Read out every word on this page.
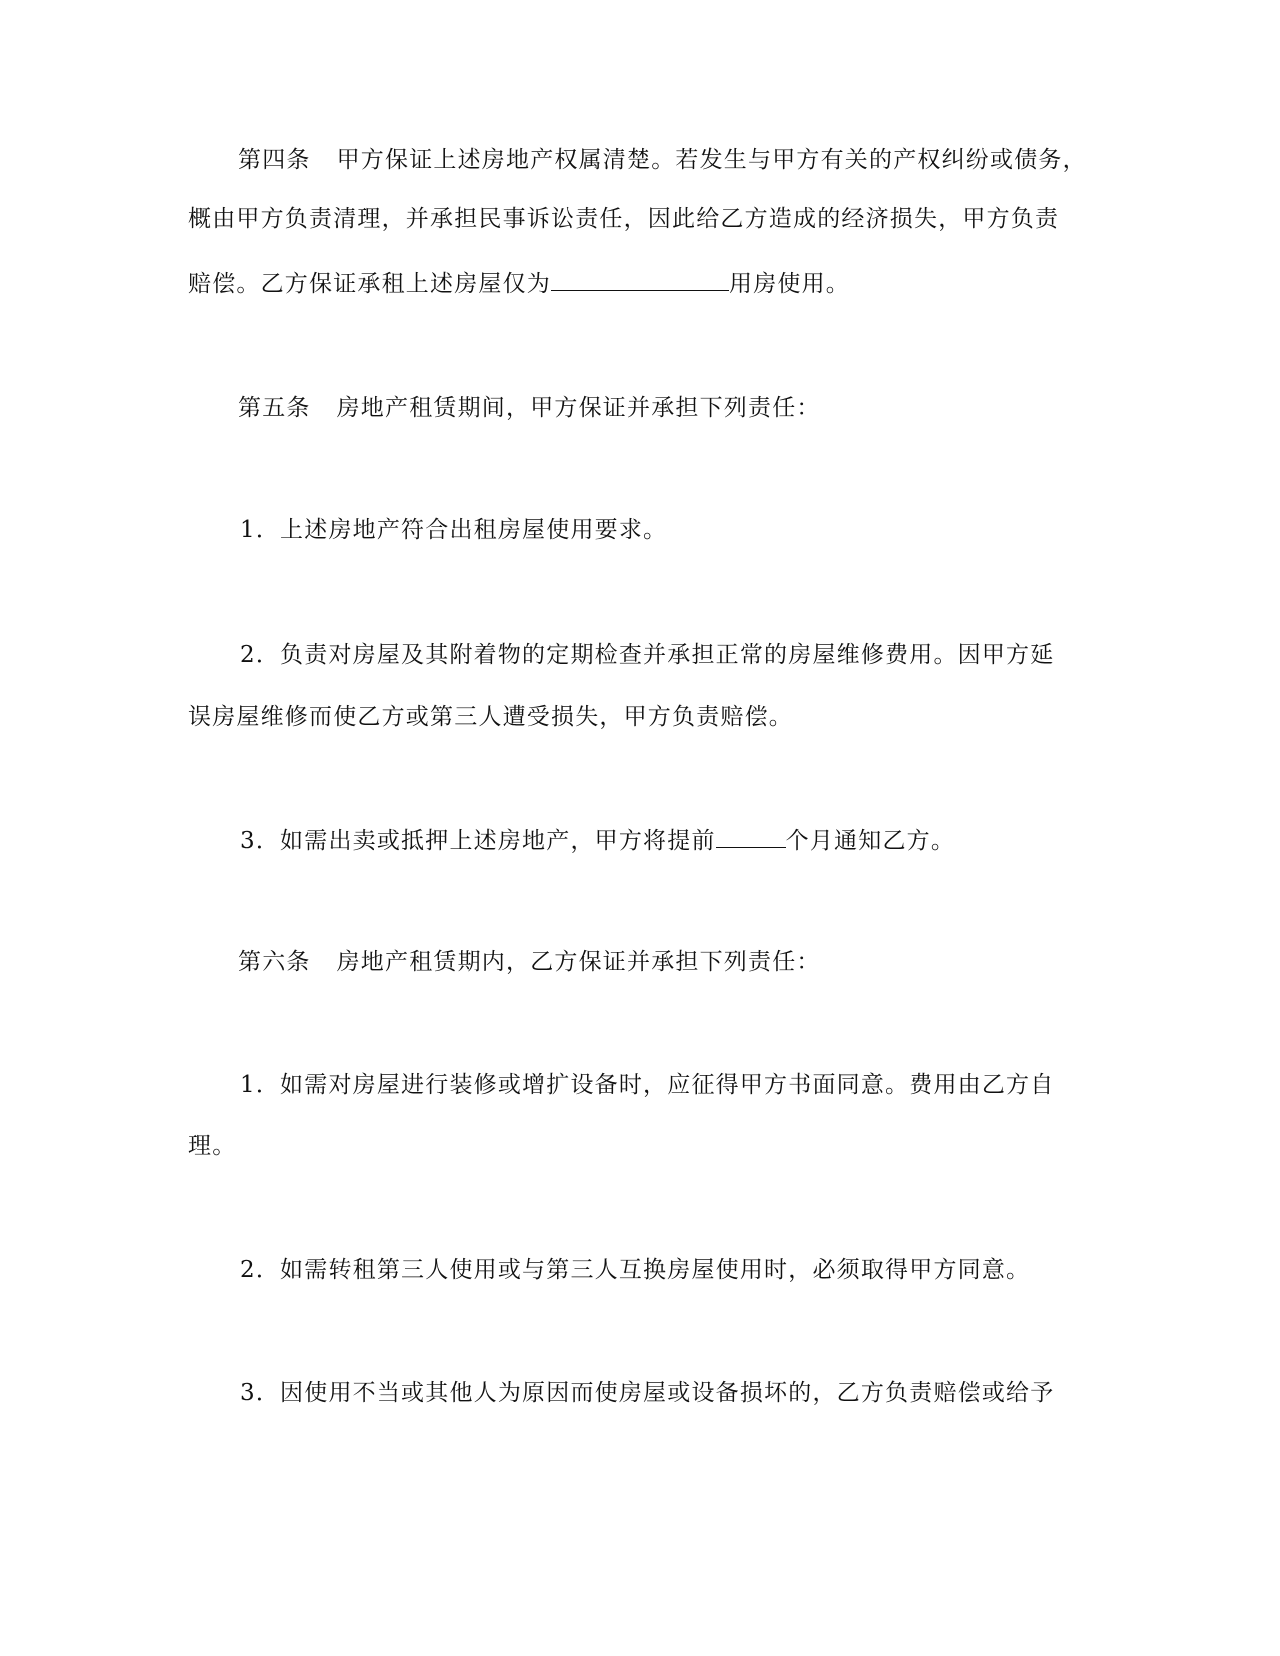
第四条 甲方保证上述房地产权属清楚。若发生与甲方有关的产权纠纷或债务，
概由甲方负责清理，并承担民事诉讼责任，因此给乙方造成的经济损失，甲方负责
赔偿。乙方保证承租上述房屋仅为	用房使用。
第五条 房地产租赁期间，甲方保证并承担下列责任：
1．上述房地产符合出租房屋使用要求。
2．负责对房屋及其附着物的定期检查并承担正常的房屋维修费用。因甲方延
误房屋维修而使乙方或第三人遭受损失，甲方负责赔偿。
3．如需出卖或抵押上述房地产，甲方将提前	个月通知乙方。
第六条 房地产租赁期内，乙方保证并承担下列责任：
1．如需对房屋进行装修或增扩设备时，应征得甲方书面同意。费用由乙方自
理。
2．如需转租第三人使用或与第三人互换房屋使用时，必须取得甲方同意。
3．因使用不当或其他人为原因而使房屋或设备损坏的，乙方负责赔偿或给予
